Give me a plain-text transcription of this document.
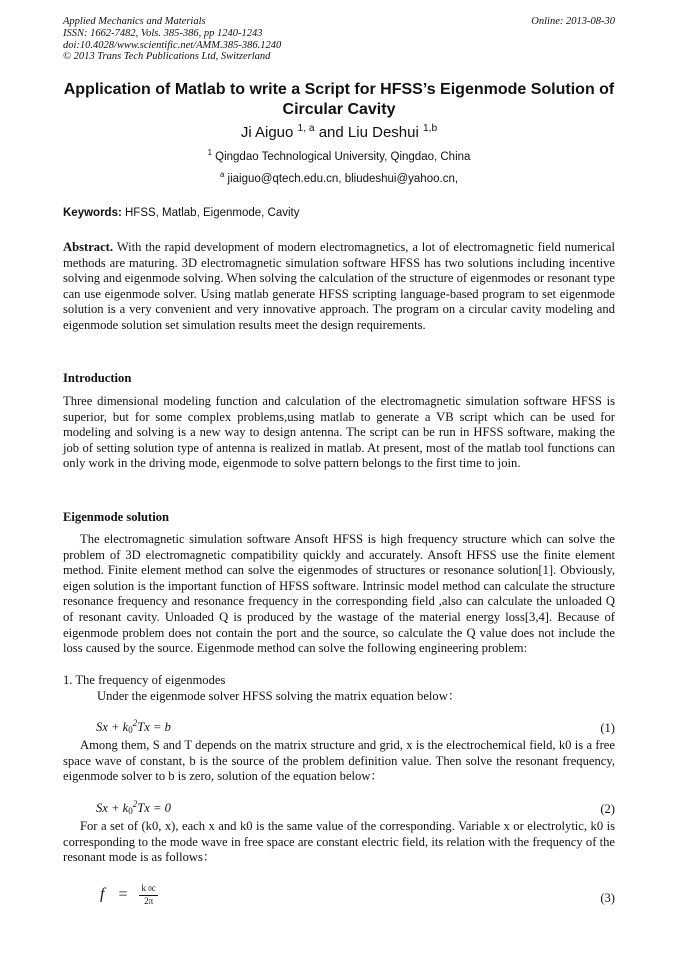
Applied Mechanics and Materials
ISSN: 1662-7482, Vols. 385-386, pp 1240-1243
doi:10.4028/www.scientific.net/AMM.385-386.1240
© 2013 Trans Tech Publications Ltd, Switzerland
Online: 2013-08-30
Application of Matlab to write a Script for HFSS’s Eigenmode Solution of Circular Cavity
Ji Aiguo $^{1, a}$ and Liu Deshui $^{1,b}$
$^1$ Qingdao Technological University, Qingdao, China
$^a$ jiaiguo@qtech.edu.cn, bliudeshui@yahoo.cn,
Keywords: HFSS, Matlab, Eigenmode, Cavity
Abstract. With the rapid development of modern electromagnetics, a lot of electromagnetic field numerical methods are maturing. 3D electromagnetic simulation software HFSS has two solutions including incentive solving and eigenmode solving. When solving the calculation of the structure of eigenmodes or resonant type can use eigenmode solver. Using matlab generate HFSS scripting language-based program to set eigenmode solution is a very convenient and very innovative approach. The program on a circular cavity modeling and eigenmode solution set simulation results meet the design requirements.
Introduction
Three dimensional modeling function and calculation of the electromagnetic simulation software HFSS is superior, but for some complex problems,using matlab to generate a VB script which can be used for modeling and solving is a new way to design antenna. The script can be run in HFSS software, making the job of setting solution type of antenna is realized in matlab. At present, most of the matlab tool functions can only work in the driving mode, eigenmode to solve pattern belongs to the first time to join.
Eigenmode solution
The electromagnetic simulation software Ansoft HFSS is high frequency structure which can solve the problem of 3D electromagnetic compatibility quickly and accurately. Ansoft HFSS use the finite element method. Finite element method can solve the eigenmodes of structures or resonance solution[1]. Obviously, eigen solution is the important function of HFSS software. Intrinsic model method can calculate the structure resonance frequency and resonance frequency in the corresponding field ,also can calculate the unloaded Q of resonant cavity. Unloaded Q is produced by the wastage of the material energy loss[3,4]. Because of eigenmode problem does not contain the port and the source, so calculate the Q value does not include the loss caused by the source. Eigenmode method can solve the following engineering problem:
1. The frequency of eigenmodes
Under the eigenmode solver HFSS solving the matrix equation below：
$Sx + k0^2Tx = b$	(1)
Among them, S and T depends on the matrix structure and grid, x is the electrochemical field, k0 is a free space wave of constant, b is the source of the problem definition value. Then solve the resonant frequency, eigenmode solver to b is zero, solution of the equation below：
$Sx + k0^2Tx = 0$	(2)
For a set of (k0, x), each x and k0 is the same value of the corresponding. Variable x or electrolytic, k0 is corresponding to the mode wave in free space are constant electric field, its relation with the frequency of the resonant mode is as follows：
$f = \frac{k 0c}{2\pi}$	(3)
